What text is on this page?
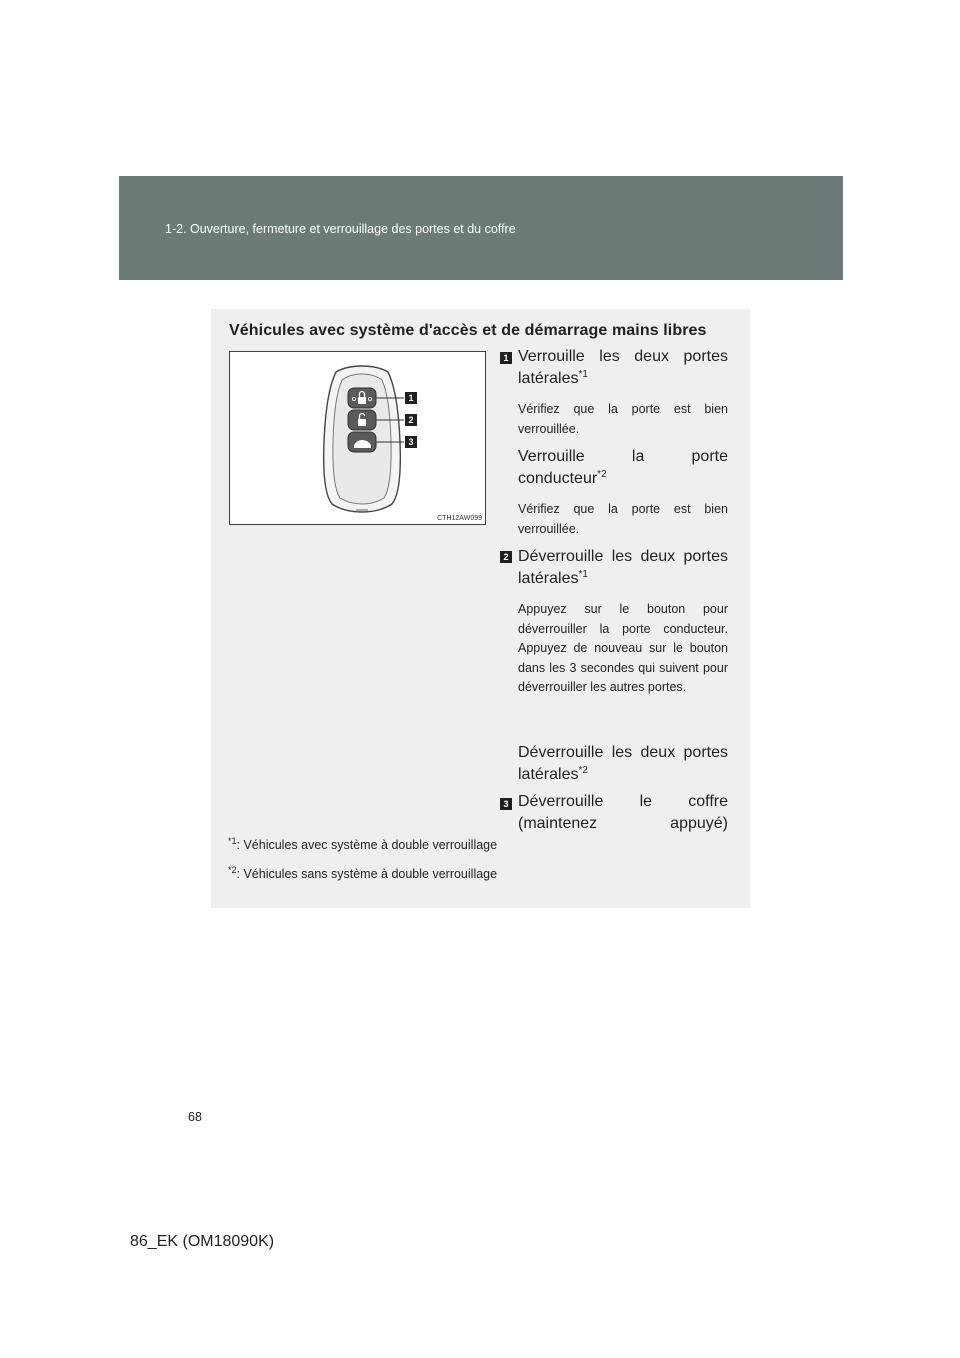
1-2. Ouverture, fermeture et verrouillage des portes et du coffre
Véhicules avec système d'accès et de démarrage mains libres
1
2
3
CTH12AW099
1 Verrouille les deux portes
latérales$^{*1}$
Vérifiez que la porte est bien
verrouillée.
Verrouille la porte
conducteur$^{*2}$
Vérifiez que la porte est bien
verrouillée.
2 Déverrouille les deux portes
latérales$^{*1}$
Appuyez sur le bouton pour déverrouiller la porte conducteur. Appuyez de nouveau sur le bouton dans les 3 secondes qui suivent pour déverrouiller les autres portes.
Déverrouille les deux portes
latérales$^{*2}$
3 Déverrouille le coffre
(maintenez appuyé)
$^{*1}$: Véhicules avec système à double verrouillage
$^{*2}$: Véhicules sans système à double verrouillage
68
86_EK (OM18090K)
